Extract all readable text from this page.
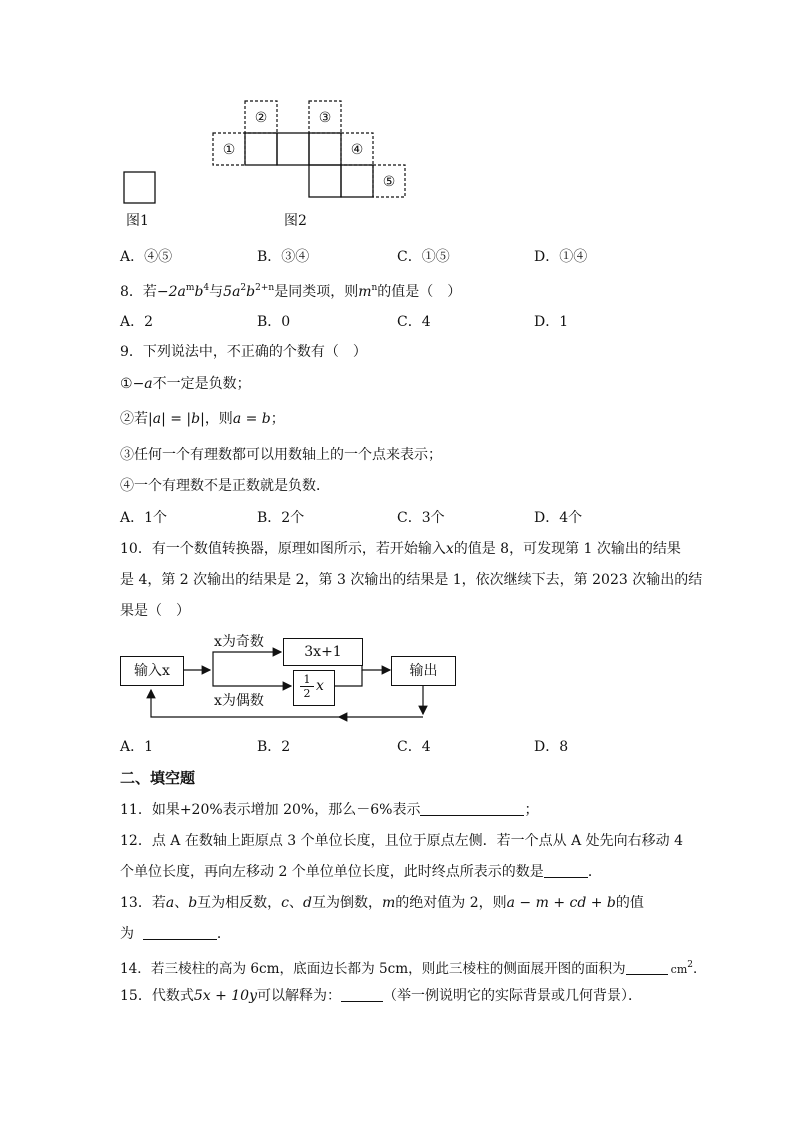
①
②	③
④
⑤
图1	图2
A．④⑤	B．③④	C．①⑤	D．①④
8．若$-2a^mb^4$与$5a^2b^{2+n}$是同类项，则$m^n$的值是（　）
A．2	B．0	C．4	D．1
9．下列说法中，不正确的个数有（　）
①−a不一定是负数；
②若|a| = |b|，则a = b；
③任何一个有理数都可以用数轴上的一个点来表示；
④一个有理数不是正数就是负数．
A．1个	B．2个	C．3个	D．4个
10．有一个数值转换器，原理如图所示，若开始输入x的值是 8，可发现第 1 次输出的结果
是 4，第 2 次输出的结果是 2，第 3 次输出的结果是 1，依次继续下去，第 2023 次输出的结
果是（　）
输入x
x为奇数
3x+1
x为偶数
$\frac{1}{2}$ x
输出
A．1	B．2	C．4	D．8
二、填空题
11．如果+20%表示增加 20%，那么－6%表示	；
12．点 A 在数轴上距原点 3 个单位长度，且位于原点左侧．若一个点从 A 处先向右移动 4
个单位长度，再向左移动 2 个单位单位长度，此时终点所表示的数是	．
13．若a、b互为相反数，c、d互为倒数，m的绝对值为 2，则a − m + cd + b的值
为	．
14．若三棱柱的高为 6cm，底面边长都为 5cm，则此三棱柱的侧面展开图的面积为	$cm^2$．
15．代数式5x + 10y可以解释为：	（举一例说明它的实际背景或几何背景）．
